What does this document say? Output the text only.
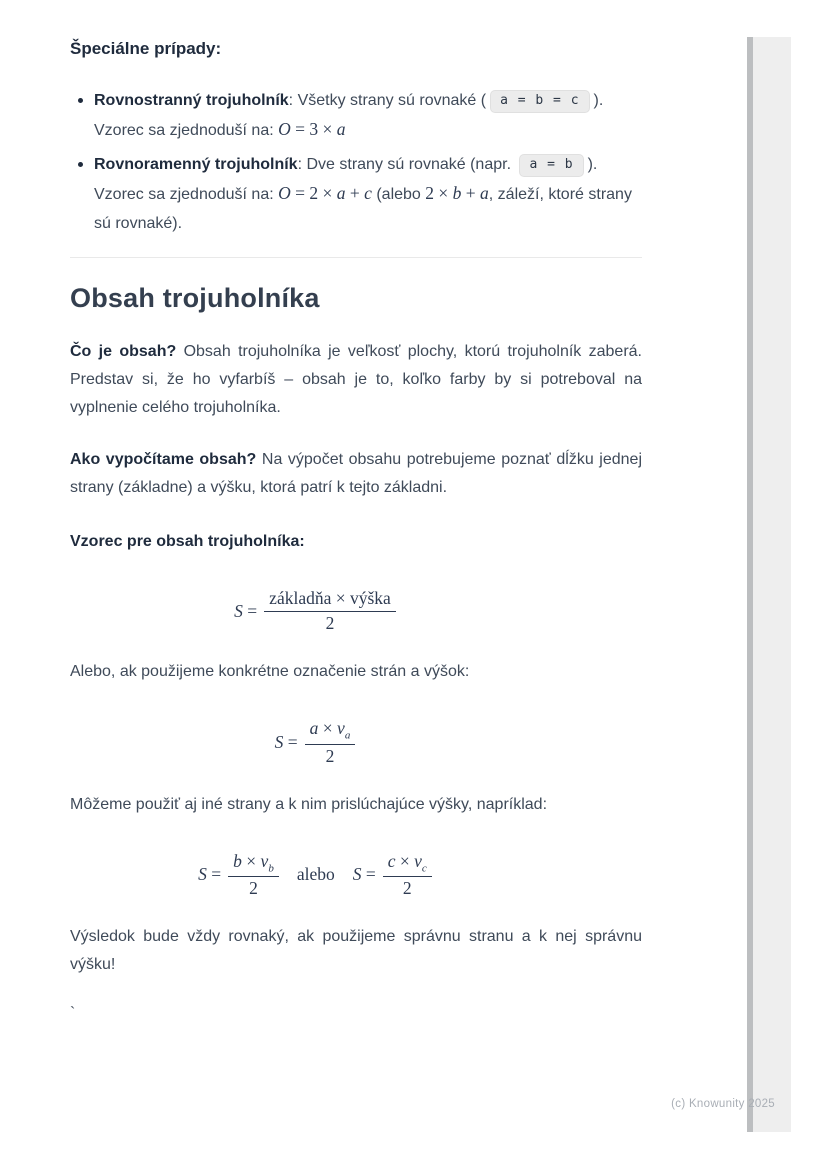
Špeciálne prípady:
Rovnostranný trojuholník: Všetky strany sú rovnaké ( a = b = c ).
Vzorec sa zjednoduší na: O = 3 × a
Rovnoramenný trojuholník: Dve strany sú rovnaké (napr. a = b ).
Vzorec sa zjednoduší na: O = 2 × a + c (alebo 2 × b + a, záleží, ktoré strany sú rovnaké).
Obsah trojuholníka

Čo je obsah? Obsah trojuholníka je veľkosť plochy, ktorú trojuholník zaberá. Predstav si, že ho vyfarbíš – obsah je to, koľko farby by si potreboval na vyplnenie celého trojuholníka.

Ako vypočítame obsah? Na výpočet obsahu potrebujeme poznať dĺžku jednej strany (základne) a výšku, ktorá patrí k tejto základni.

Vzorec pre obsah trojuholníka:

$S = \frac{\text{základňa × výška}}{2}$

Alebo, ak použijeme konkrétne označenie strán a výšok:

$S = \frac{a \times v_a}{2}$

Môžeme použiť aj iné strany a k nim prislúchajúce výšky, napríklad:

$S = \frac{b \times v_b}{2}$ alebo $S = \frac{c \times v_c}{2}$

Výsledok bude vždy rovnaký, ak použijeme správnu stranu a k nej správnu výšku!

`

(c) Knowunity 2025
